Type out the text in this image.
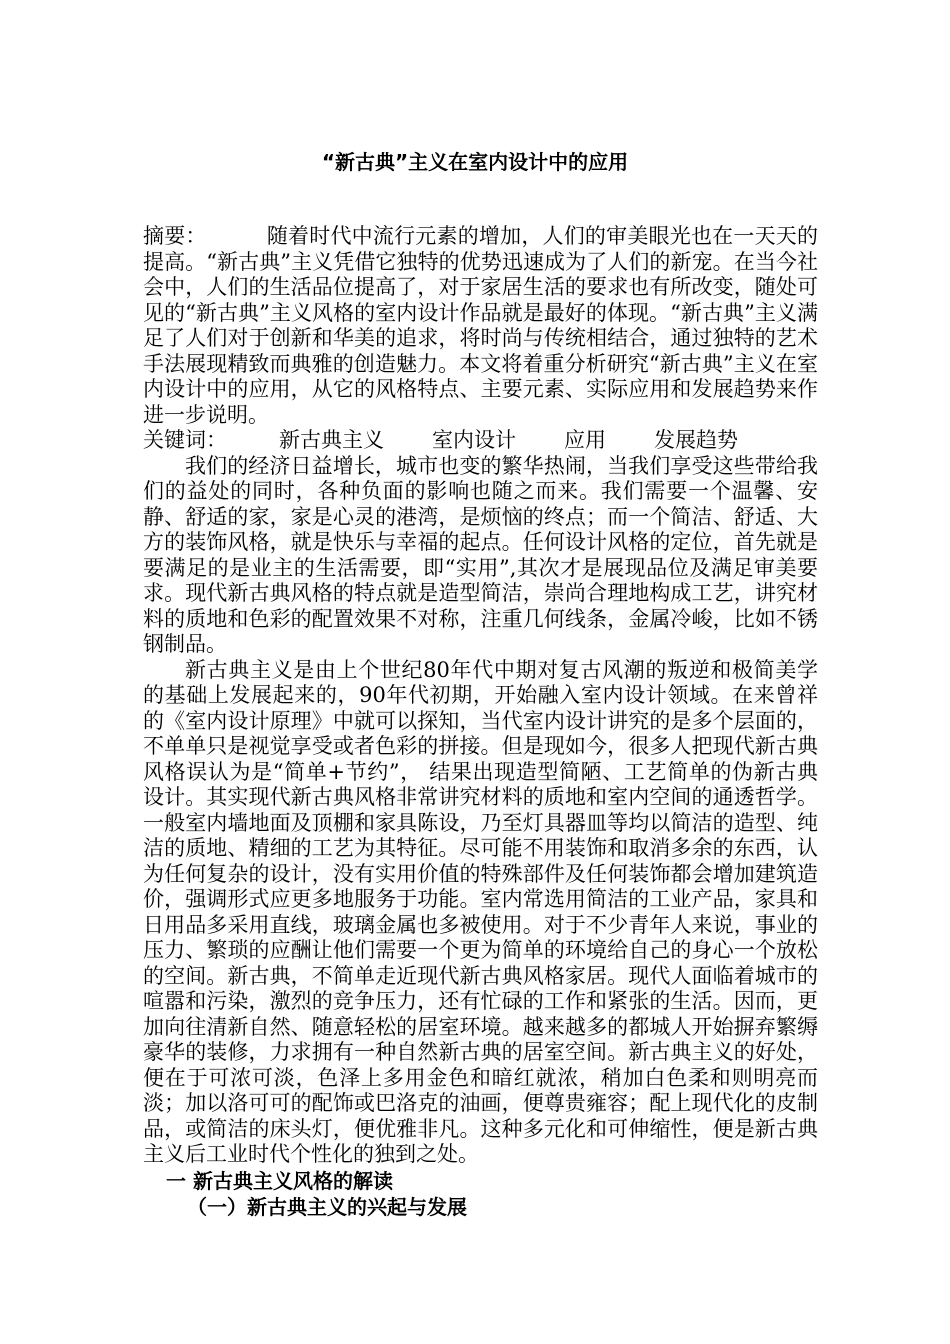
“新古典”主义在室内设计中的应用

摘要：	随着时代中流行元素的增加，人们的审美眼光也在一天天的提高。“新古典”主义凭借它独特的优势迅速成为了人们的新宠。在当今社会中，人们的生活品位提高了，对于家居生活的要求也有所改变，随处可见的“新古典”主义风格的室内设计作品就是最好的体现。“新古典”主义满足了人们对于创新和华美的追求，将时尚与传统相结合，通过独特的艺术手法展现精致而典雅的创造魅力。本文将着重分析研究“新古典”主义在室内设计中的应用，从它的风格特点、主要元素、实际应用和发展趋势来作进一步说明。

关键词： 新古典主义 室内设计 应用 发展趋势

我们的经济日益增长，城市也变的繁华热闹，当我们享受这些带给我们的益处的同时，各种负面的影响也随之而来。我们需要一个温馨、安静、舒适的家，家是心灵的港湾，是烦恼的终点；而一个简洁、舒适、大方的装饰风格，就是快乐与幸福的起点。任何设计风格的定位，首先就是要满足的是业主的生活需要，即“实用”,其次才是展现品位及满足审美要求。现代新古典风格的特点就是造型简洁，崇尚合理地构成工艺，讲究材料的质地和色彩的配置效果不对称，注重几何线条，金属冷峻，比如不锈钢制品。

新古典主义是由上个世纪80年代中期对复古风潮的叛逆和极简美学的基础上发展起来的，90年代初期，开始融入室内设计领域。在来曾祥的《室内设计原理》中就可以探知，当代室内设计讲究的是多个层面的，不单单只是视觉享受或者色彩的拼接。但是现如今，很多人把现代新古典风格误认为是“简单+节约”， 结果出现造型简陋、工艺简单的伪新古典设计。其实现代新古典风格非常讲究材料的质地和室内空间的通透哲学。一般室内墙地面及顶棚和家具陈设，乃至灯具器皿等均以简洁的造型、纯洁的质地、精细的工艺为其特征。尽可能不用装饰和取消多余的东西，认为任何复杂的设计，没有实用价值的特殊部件及任何装饰都会增加建筑造价，强调形式应更多地服务于功能。室内常选用简洁的工业产品，家具和日用品多采用直线，玻璃金属也多被使用。对于不少青年人来说，事业的压力、繁琐的应酬让他们需要一个更为简单的环境给自己的身心一个放松的空间。新古典，不简单走近现代新古典风格家居。现代人面临着城市的喧嚣和污染，激烈的竞争压力，还有忙碌的工作和紧张的生活。因而，更加向往清新自然、随意轻松的居室环境。越来越多的都城人开始摒弃繁缛豪华的装修，力求拥有一种自然新古典的居室空间。新古典主义的好处，便在于可浓可淡，色泽上多用金色和暗红就浓，稍加白色柔和则明亮而淡；加以洛可可的配饰或巴洛克的油画，便尊贵雍容；配上现代化的皮制品，或简洁的床头灯，便优雅非凡。这种多元化和可伸缩性，便是新古典主义后工业时代个性化的独到之处。

一 新古典主义风格的解读

（一）新古典主义的兴起与发展
